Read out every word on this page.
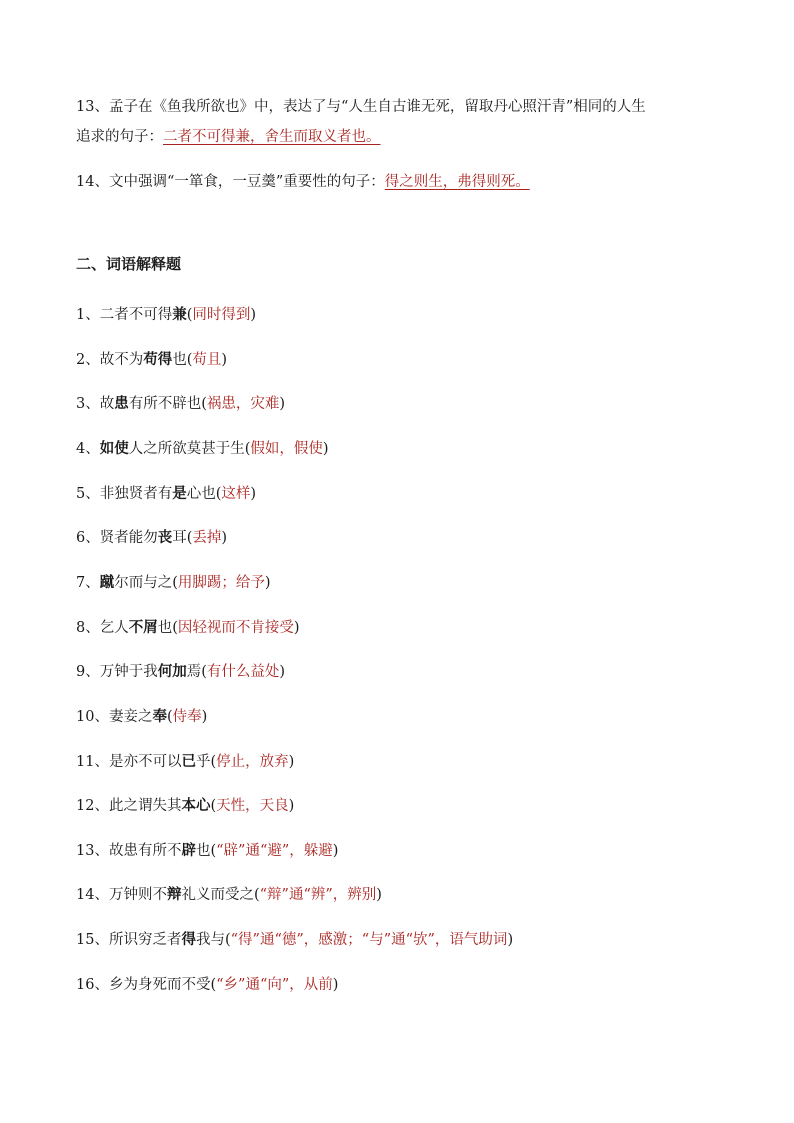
13、孟子在《鱼我所欲也》中，表达了与“人生自古谁无死，留取丹心照汗青”相同的人生
追求的句子：二者不可得兼，舍生而取义者也。
14、文中强调“一箪食，一豆羹”重要性的句子：得之则生，弗得则死。
二、词语解释题
1、二者不可得兼(同时得到)
2、故不为苟得也(苟且)
3、故患有所不辟也(祸患，灾难)
4、如使人之所欲莫甚于生(假如，假使)
5、非独贤者有是心也(这样)
6、贤者能勿丧耳(丢掉)
7、蹴尔而与之(用脚踢；给予)
8、乞人不屑也(因轻视而不肯接受)
9、万钟于我何加焉(有什么益处)
10、妻妾之奉(侍奉)
11、是亦不可以已乎(停止，放弃)
12、此之谓失其本心(天性，天良)
13、故患有所不辟也(“辟”通“避”，躲避)
14、万钟则不辩礼义而受之(“辩”通“辨”，辨别)
15、所识穷乏者得我与(“得”通“德”，感激；“与”通“欤”，语气助词)
16、乡为身死而不受(“乡”通“向”，从前)
